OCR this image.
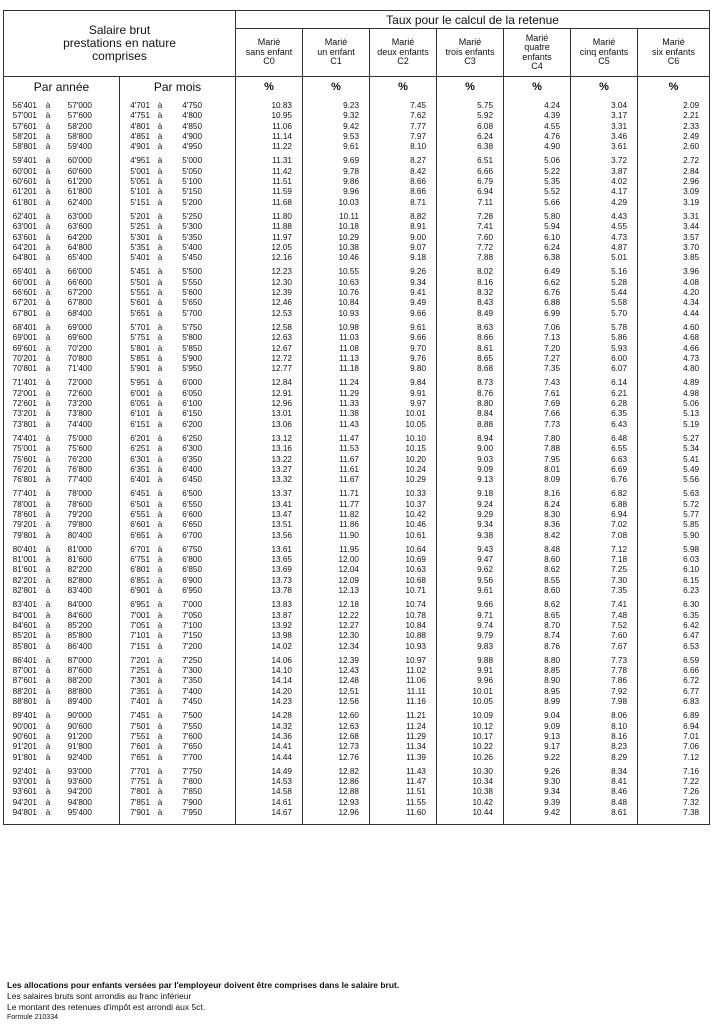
Salaire brut
prestations en nature
comprises		Taux pour le calcul de la retenue						
		Marié
sans enfant
C0	Marié
un enfant
C1	Marié
deux enfants
C2	Marié
trois enfants
C3	Marié
quatre
enfants
C4	Marié
cinq enfants
C5	Marié
six enfants
C6
Par année	Par mois	%	%	%	%	%	%	%

56'401 à 57'000	4'701 à 4'750	10.83	9.23	7.45	5.75	4.24	3.04	2.09
57'001 à 57'600	4'751 à 4'800	10.95	9.32	7.62	5.92	4.39	3.17	2.21
57'601 à 58'200	4'801 à 4'850	11.06	9.42	7.77	6.08	4.55	3.31	2.33
58'201 à 58'800	4'851 à 4'900	11.14	9.53	7.97	6.24	4.76	3.46	2.49
58'801 à 59'400	4'901 à 4'950	11.22	9.61	8.10	6.38	4.90	3.61	2.60

59'401 à 60'000	4'951 à 5'000	11.31	9.69	8.27	6.51	5.06	3.72	2.72
60'001 à 60'600	5'001 à 5'050	11.42	9.78	8.42	6.66	5.22	3.87	2.84
60'601 à 61'200	5'051 à 5'100	11.51	9.86	8.66	6.79	5.35	4.02	2.96
61'201 à 61'800	5'101 à 5'150	11.59	9.96	8.66	6.94	5.52	4.17	3.09
61'801 à 62'400	5'151 à 5'200	11.68	10.03	8.71	7.11	5.66	4.29	3.19

62'401 à 63'000	5'201 à 5'250	11.80	10.11	8.82	7.28	5.80	4.43	3.31
63'001 à 63'600	5'251 à 5'300	11.88	10.18	8.91	7.41	5.94	4.55	3.44
63'601 à 64'200	5'301 à 5'350	11.97	10.29	9.00	7.60	6.10	4.73	3.57
64'201 à 64'800	5'351 à 5'400	12.05	10.38	9.07	7.72	6.24	4.87	3.70
64'801 à 65'400	5'401 à 5'450	12.16	10.46	9.18	7.88	6.38	5.01	3.85

65'401 à 66'000	5'451 à 5'500	12.23	10.55	9.26	8.02	6.49	5.16	3.96
66'001 à 66'600	5'501 à 5'550	12.30	10.63	9.34	8.16	6.62	5.28	4.08
66'601 à 67'200	5'551 à 5'600	12.39	10.76	9.41	8.32	6.76	5.44	4.20
67'201 à 67'800	5'601 à 5'650	12.46	10.84	9.49	8.43	6.88	5.58	4.34
67'801 à 68'400	5'651 à 5'700	12.53	10.93	9.66	8.49	6.99	5.70	4.44

68'401 à 69'000	5'701 à 5'750	12.58	10.98	9.61	8.63	7.06	5.78	4.60
69'001 à 69'600	5'751 à 5'800	12.63	11.03	9.66	8.66	7.13	5.86	4.68
69'601 à 70'200	5'801 à 5'850	12.67	11.08	9.70	8.61	7.20	5.93	4.66
70'201 à 70'800	5'851 à 5'900	12.72	11.13	9.76	8.65	7.27	6.00	4.73
70'801 à 71'400	5'901 à 5'950	12.77	11.18	9.80	8.68	7.35	6.07	4.80

71'401 à 72'000	5'951 à 6'000	12.84	11.24	9.84	8.73	7.43	6.14	4.89
72'001 à 72'600	6'001 à 6'050	12.91	11.29	9.91	8.76	7.61	6.21	4.98
72'601 à 73'200	6'051 à 6'100	12.96	11.33	9.97	8.80	7.69	6.28	5.06
73'201 à 73'800	6'101 à 6'150	13.01	11.38	10.01	8.84	7.66	6.35	5.13
73'801 à 74'400	6'151 à 6'200	13.06	11.43	10.05	8.88	7.73	6.43	5.19

74'401 à 75'000	6'201 à 6'250	13.12	11.47	10.10	8.94	7.80	6.48	5.27
75'001 à 75'600	6'251 à 6'300	13.16	11.53	10.15	9.00	7.88	6.55	5.34
75'601 à 76'200	6'301 à 6'350	13.22	11.67	10.20	9.03	7.95	6.63	5.41
76'201 à 76'800	6'351 à 6'400	13.27	11.61	10.24	9.09	8.01	6.69	5.49
76'801 à 77'400	6'401 à 6'450	13.32	11.67	10.29	9.13	8.09	6.76	5.56

77'401 à 78'000	6'451 à 6'500	13.37	11.71	10.33	9.18	8.16	6.82	5.63
78'001 à 78'600	6'501 à 6'550	13.41	11.77	10.37	9.24	8.24	6.88	5.72
78'601 à 79'200	6'551 à 6'600	13.47	11.82	10.42	9.29	8.30	6.94	5.77
79'201 à 79'800	6'601 à 6'650	13.51	11.86	10.46	9.34	8.36	7.02	5.85
79'801 à 80'400	6'651 à 6'700	13.56	11.90	10.61	9.38	8.42	7.08	5.90

80'401 à 81'000	6'701 à 6'750	13.61	11.95	10.64	9.43	8.48	7.12	5.98
81'001 à 81'600	6'751 à 6'800	13.65	12.00	10.69	9.47	8.60	7.18	6.03
81'601 à 82'200	6'801 à 6'850	13.69	12.04	10.63	9.62	8.62	7.25	6.10
82'201 à 82'800	6'851 à 6'900	13.73	12.09	10.68	9.56	8.55	7.30	6.15
82'801 à 83'400	6'901 à 6'950	13.78	12.13	10.71	9.61	8.60	7.35	6.23

83'401 à 84'000	6'951 à 7'000	13.83	12.18	10.74	9.66	8.62	7.41	6.30
84'001 à 84'600	7'001 à 7'050	13.87	12.22	10.78	9.71	8.65	7.48	6.35
84'601 à 85'200	7'051 à 7'100	13.92	12.27	10.84	9.74	8.70	7.52	6.42
85'201 à 85'800	7'101 à 7'150	13.98	12.30	10.88	9.79	8.74	7.60	6.47
85'801 à 86'400	7'151 à 7'200	14.02	12.34	10.93	9.83	8.76	7.67	6.53

86'401 à 87'000	7'201 à 7'250	14.06	12.39	10.97	9.88	8.80	7.73	6.59
87'001 à 87'600	7'251 à 7'300	14.10	12.43	11.02	9.91	8.85	7.78	6.66
87'601 à 88'200	7'301 à 7'350	14.14	12.48	11.06	9.96	8.90	7.86	6.72
88'201 à 88'800	7'351 à 7'400	14.20	12.51	11.11	10.01	8.95	7.92	6.77
88'801 à 89'400	7'401 à 7'450	14.23	12.56	11.16	10.05	8.99	7.98	6.83

89'401 à 90'000	7'451 à 7'500	14.28	12.60	11.21	10.09	9.04	8.06	6.89
90'001 à 90'600	7'501 à 7'550	14.32	12.63	11.24	10.12	9.09	8.10	6.94
90'601 à 91'200	7'551 à 7'600	14.36	12.68	11.29	10.17	9.13	8.16	7.01
91'201 à 91'800	7'601 à 7'650	14.41	12.73	11.34	10.22	9.17	8.23	7.06
91'801 à 92'400	7'651 à 7'700	14.44	12.76	11.39	10.26	9.22	8.29	7.12

92'401 à 93'000	7'701 à 7'750	14.49	12.82	11.43	10.30	9.26	8.34	7.16
93'001 à 93'600	7'751 à 7'800	14.53	12.86	11.47	10.34	9.30	8.41	7.22
93'601 à 94'200	7'801 à 7'850	14.58	12.88	11.51	10.38	9.34	8.46	7.26
94'201 à 94'800	7'851 à 7'900	14.61	12.93	11.55	10.42	9.39	8.48	7.32
94'801 à 95'400	7'901 à 7'950	14.67	12.96	11.60	10.44	9.42	8.61	7.38

Les allocations pour enfants versées par l'employeur doivent être comprises dans le salaire brut.
Les salaires bruts sont arrondis au franc inférieur
Le montant des retenues d'impôt est arrondi aux 5ct.
Formule 210334
